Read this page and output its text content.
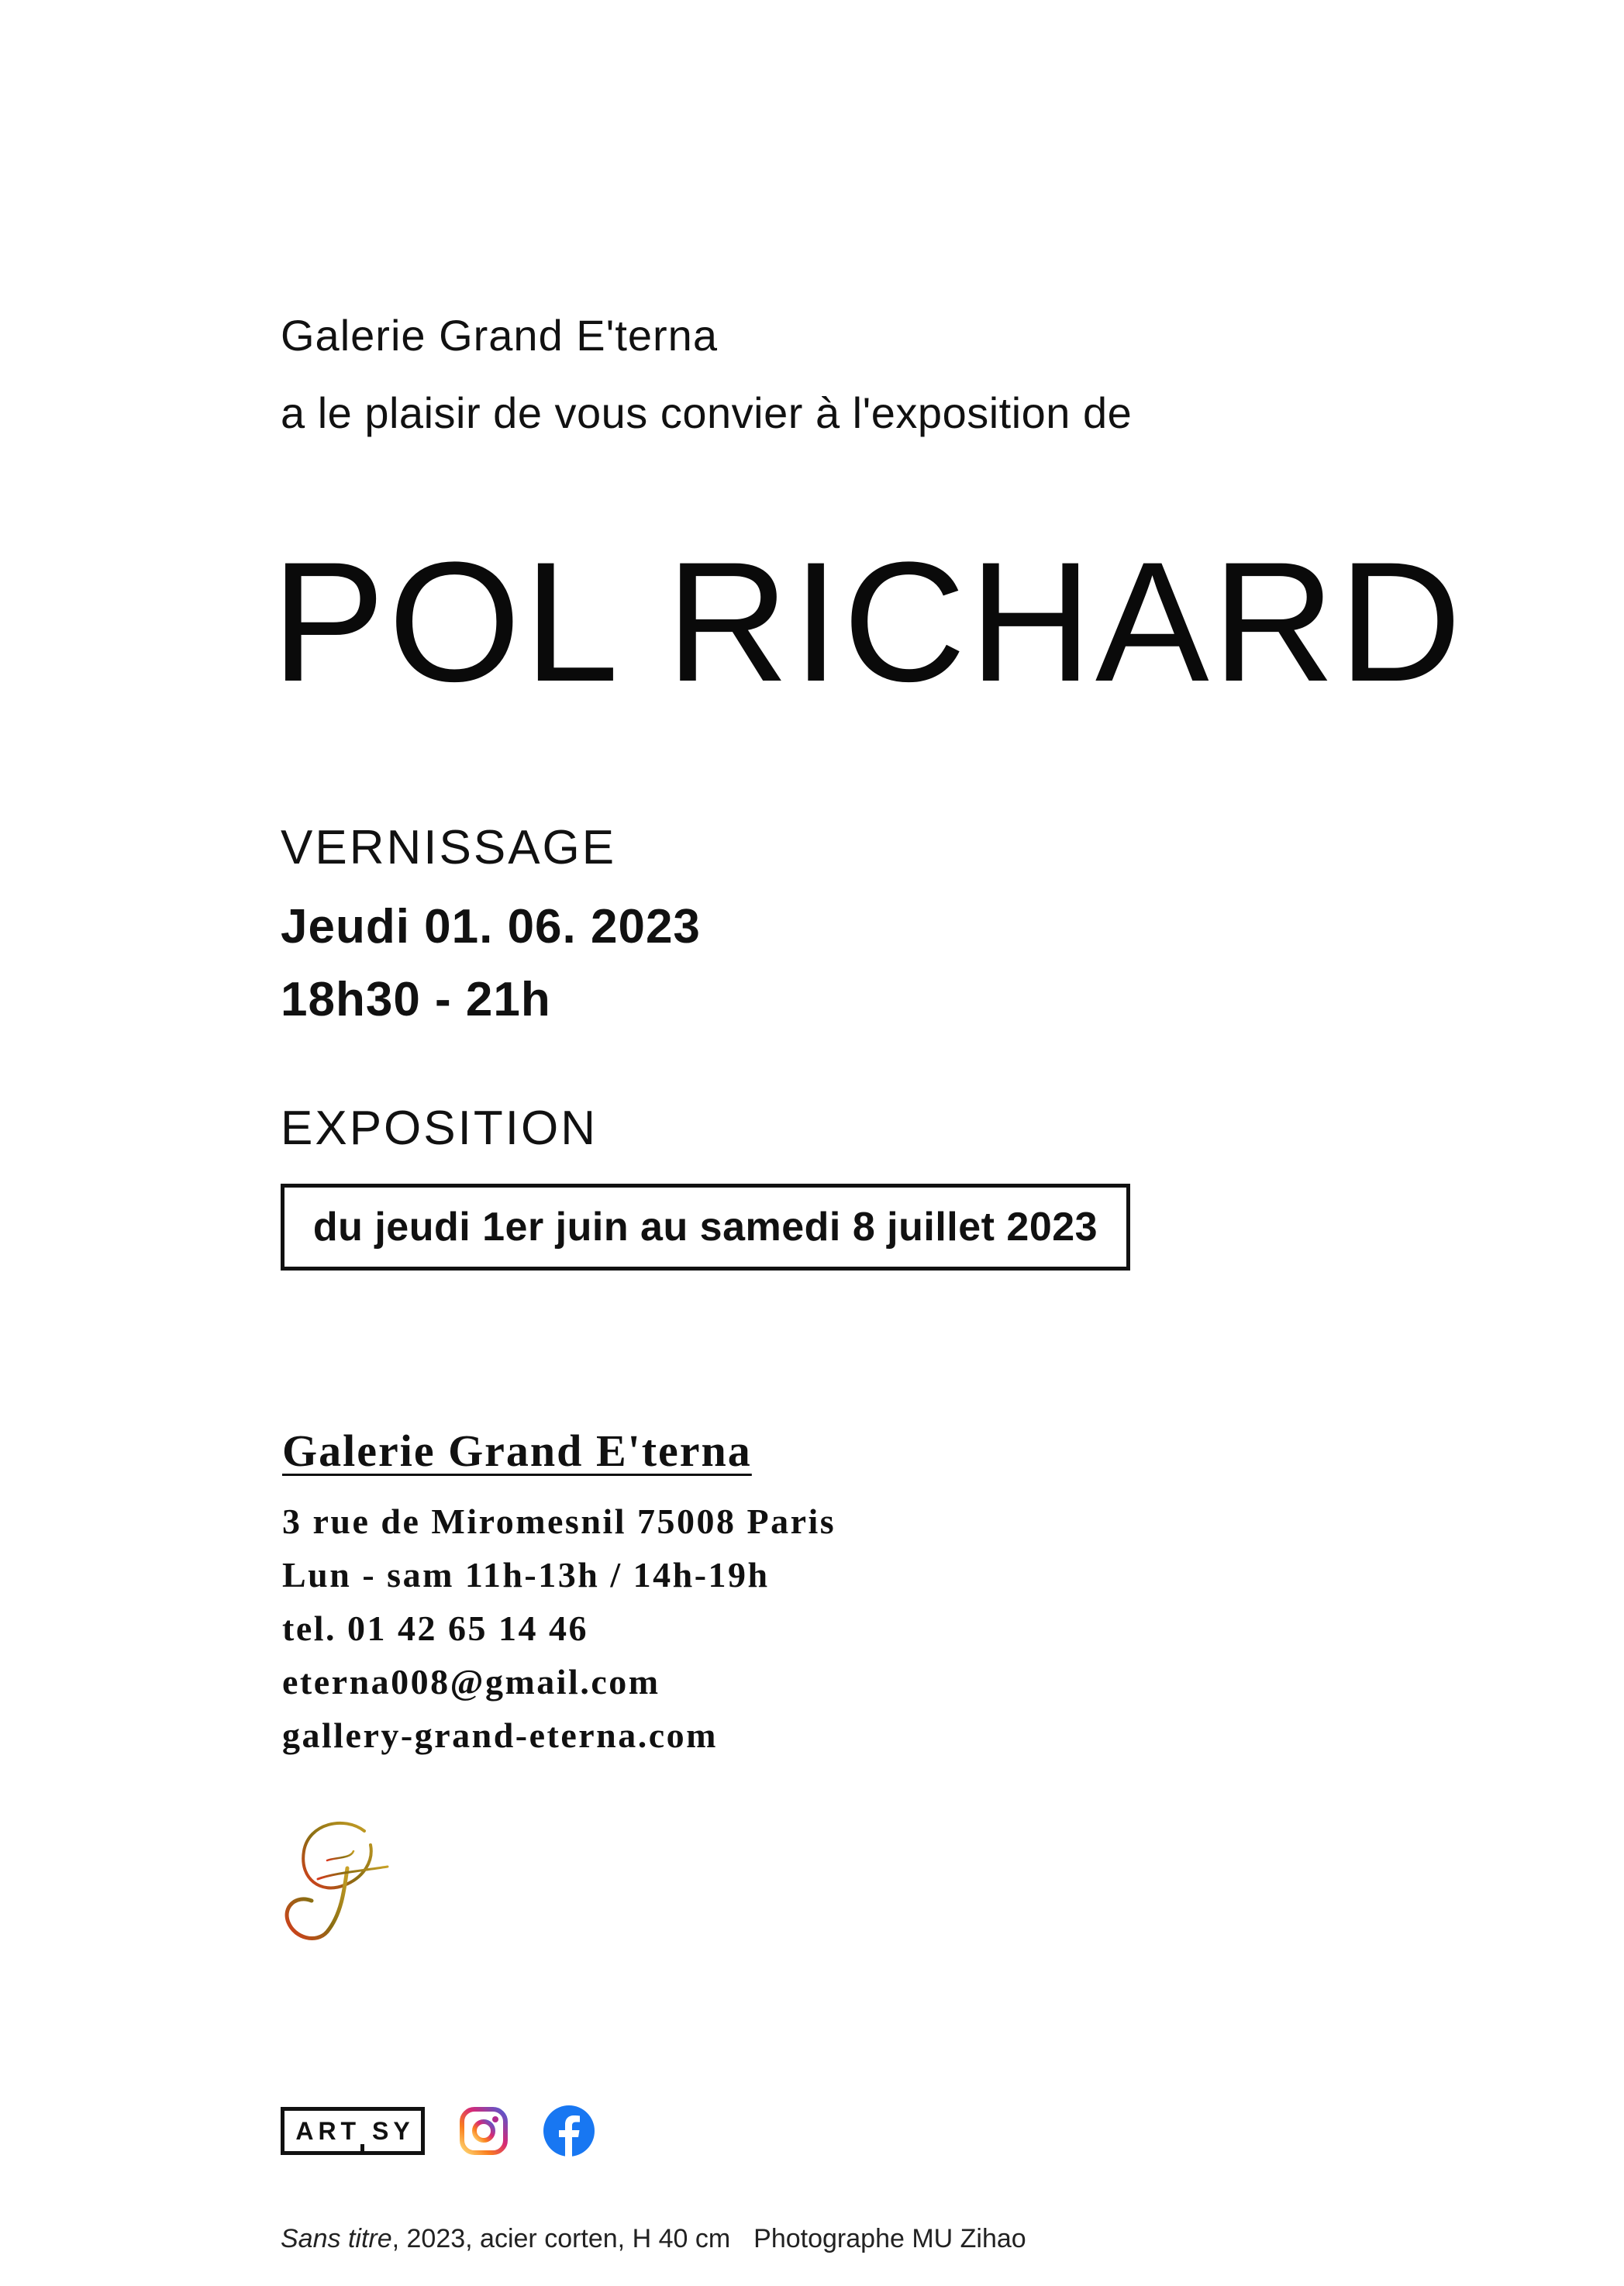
Galerie Grand E'terna
a le plaisir de vous convier à l'exposition de
POL RICHARD
VERNISSAGE
Jeudi 01. 06. 2023
18h30 - 21h
EXPOSITION
du jeudi 1er juin au samedi 8 juillet 2023
Galerie Grand E'terna
3 rue de Miromesnil 75008 Paris
Lun - sam 11h-13h / 14h-19h
tel. 01 42 65 14 46
eterna008@gmail.com
gallery-grand-eterna.com
ART SY
Sans titre, 2023, acier corten, H 40 cm Photographe MU Zihao
